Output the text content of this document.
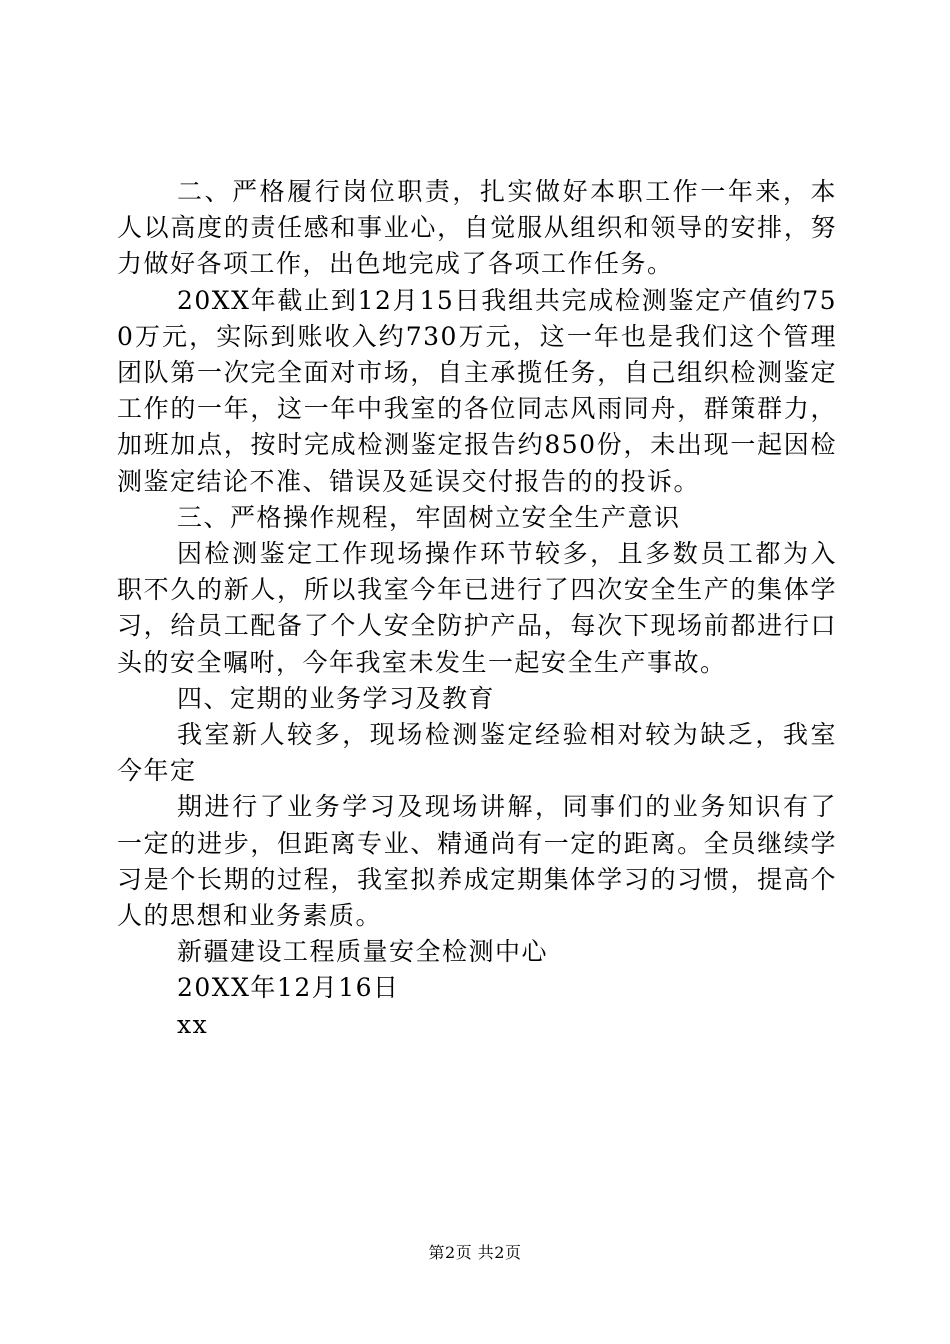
二、严格履行岗位职责，扎实做好本职工作一年来，本人以高度的责任感和事业心，自觉服从组织和领导的安排，努力做好各项工作，出色地完成了各项工作任务。

20XX年截止到12月15日我组共完成检测鉴定产值约750万元，实际到账收入约730万元，这一年也是我们这个管理团队第一次完全面对市场，自主承揽任务，自己组织检测鉴定工作的一年，这一年中我室的各位同志风雨同舟，群策群力，加班加点，按时完成检测鉴定报告约850份，未出现一起因检测鉴定结论不准、错误及延误交付报告的的投诉。

三、严格操作规程，牢固树立安全生产意识

因检测鉴定工作现场操作环节较多，且多数员工都为入职不久的新人，所以我室今年已进行了四次安全生产的集体学习，给员工配备了个人安全防护产品，每次下现场前都进行口头的安全嘱咐，今年我室未发生一起安全生产事故。

四、定期的业务学习及教育

我室新人较多，现场检测鉴定经验相对较为缺乏，我室今年定

期进行了业务学习及现场讲解，同事们的业务知识有了一定的进步，但距离专业、精通尚有一定的距离。全员继续学习是个长期的过程，我室拟养成定期集体学习的习惯，提高个人的思想和业务素质。

新疆建设工程质量安全检测中心

20XX年12月16日

xx

第2页 共2页
